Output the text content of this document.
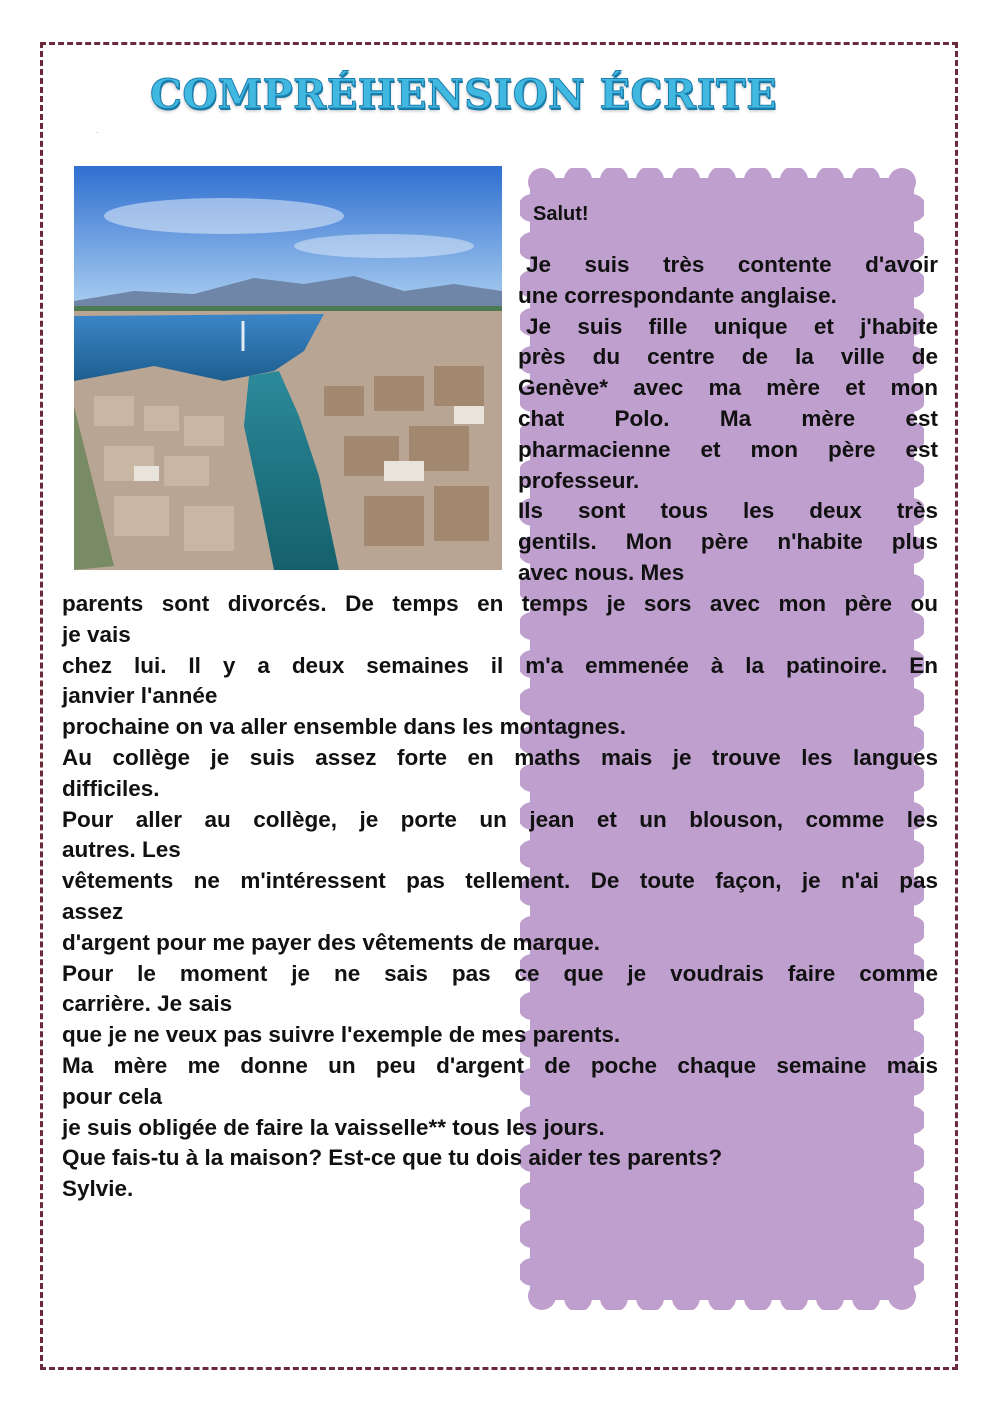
COMPRÉHENSION ÉCRITE
·
Salut!
Je suis très contente d'avoir
une correspondante anglaise.
Je suis fille unique et j'habite
près du centre de la ville de
Genève* avec ma mère et mon
chat Polo. Ma mère est
pharmacienne et mon père est
professeur.
Ils sont tous les deux très
gentils. Mon père n'habite plus
avec nous. Mes
parents sont divorcés. De temps en temps je sors avec mon père ou
je vais
chez lui. Il y a deux semaines il m'a emmenée à la patinoire. En
janvier l'année
prochaine on va aller ensemble dans les montagnes.
Au collège je suis assez forte en maths mais je trouve les langues
difficiles.
Pour aller au collège, je porte un jean et un blouson, comme les
autres. Les
vêtements ne m'intéressent pas tellement. De toute façon, je n'ai pas
assez
d'argent pour me payer des vêtements de marque.
Pour le moment je ne sais pas ce que je voudrais faire comme
carrière. Je sais
que je ne veux pas suivre l'exemple de mes parents.
Ma mère me donne un peu d'argent de poche chaque semaine mais
pour cela
je suis obligée de faire la vaisselle** tous les jours.
Que fais-tu à la maison? Est-ce que tu dois aider tes parents?
Sylvie.
